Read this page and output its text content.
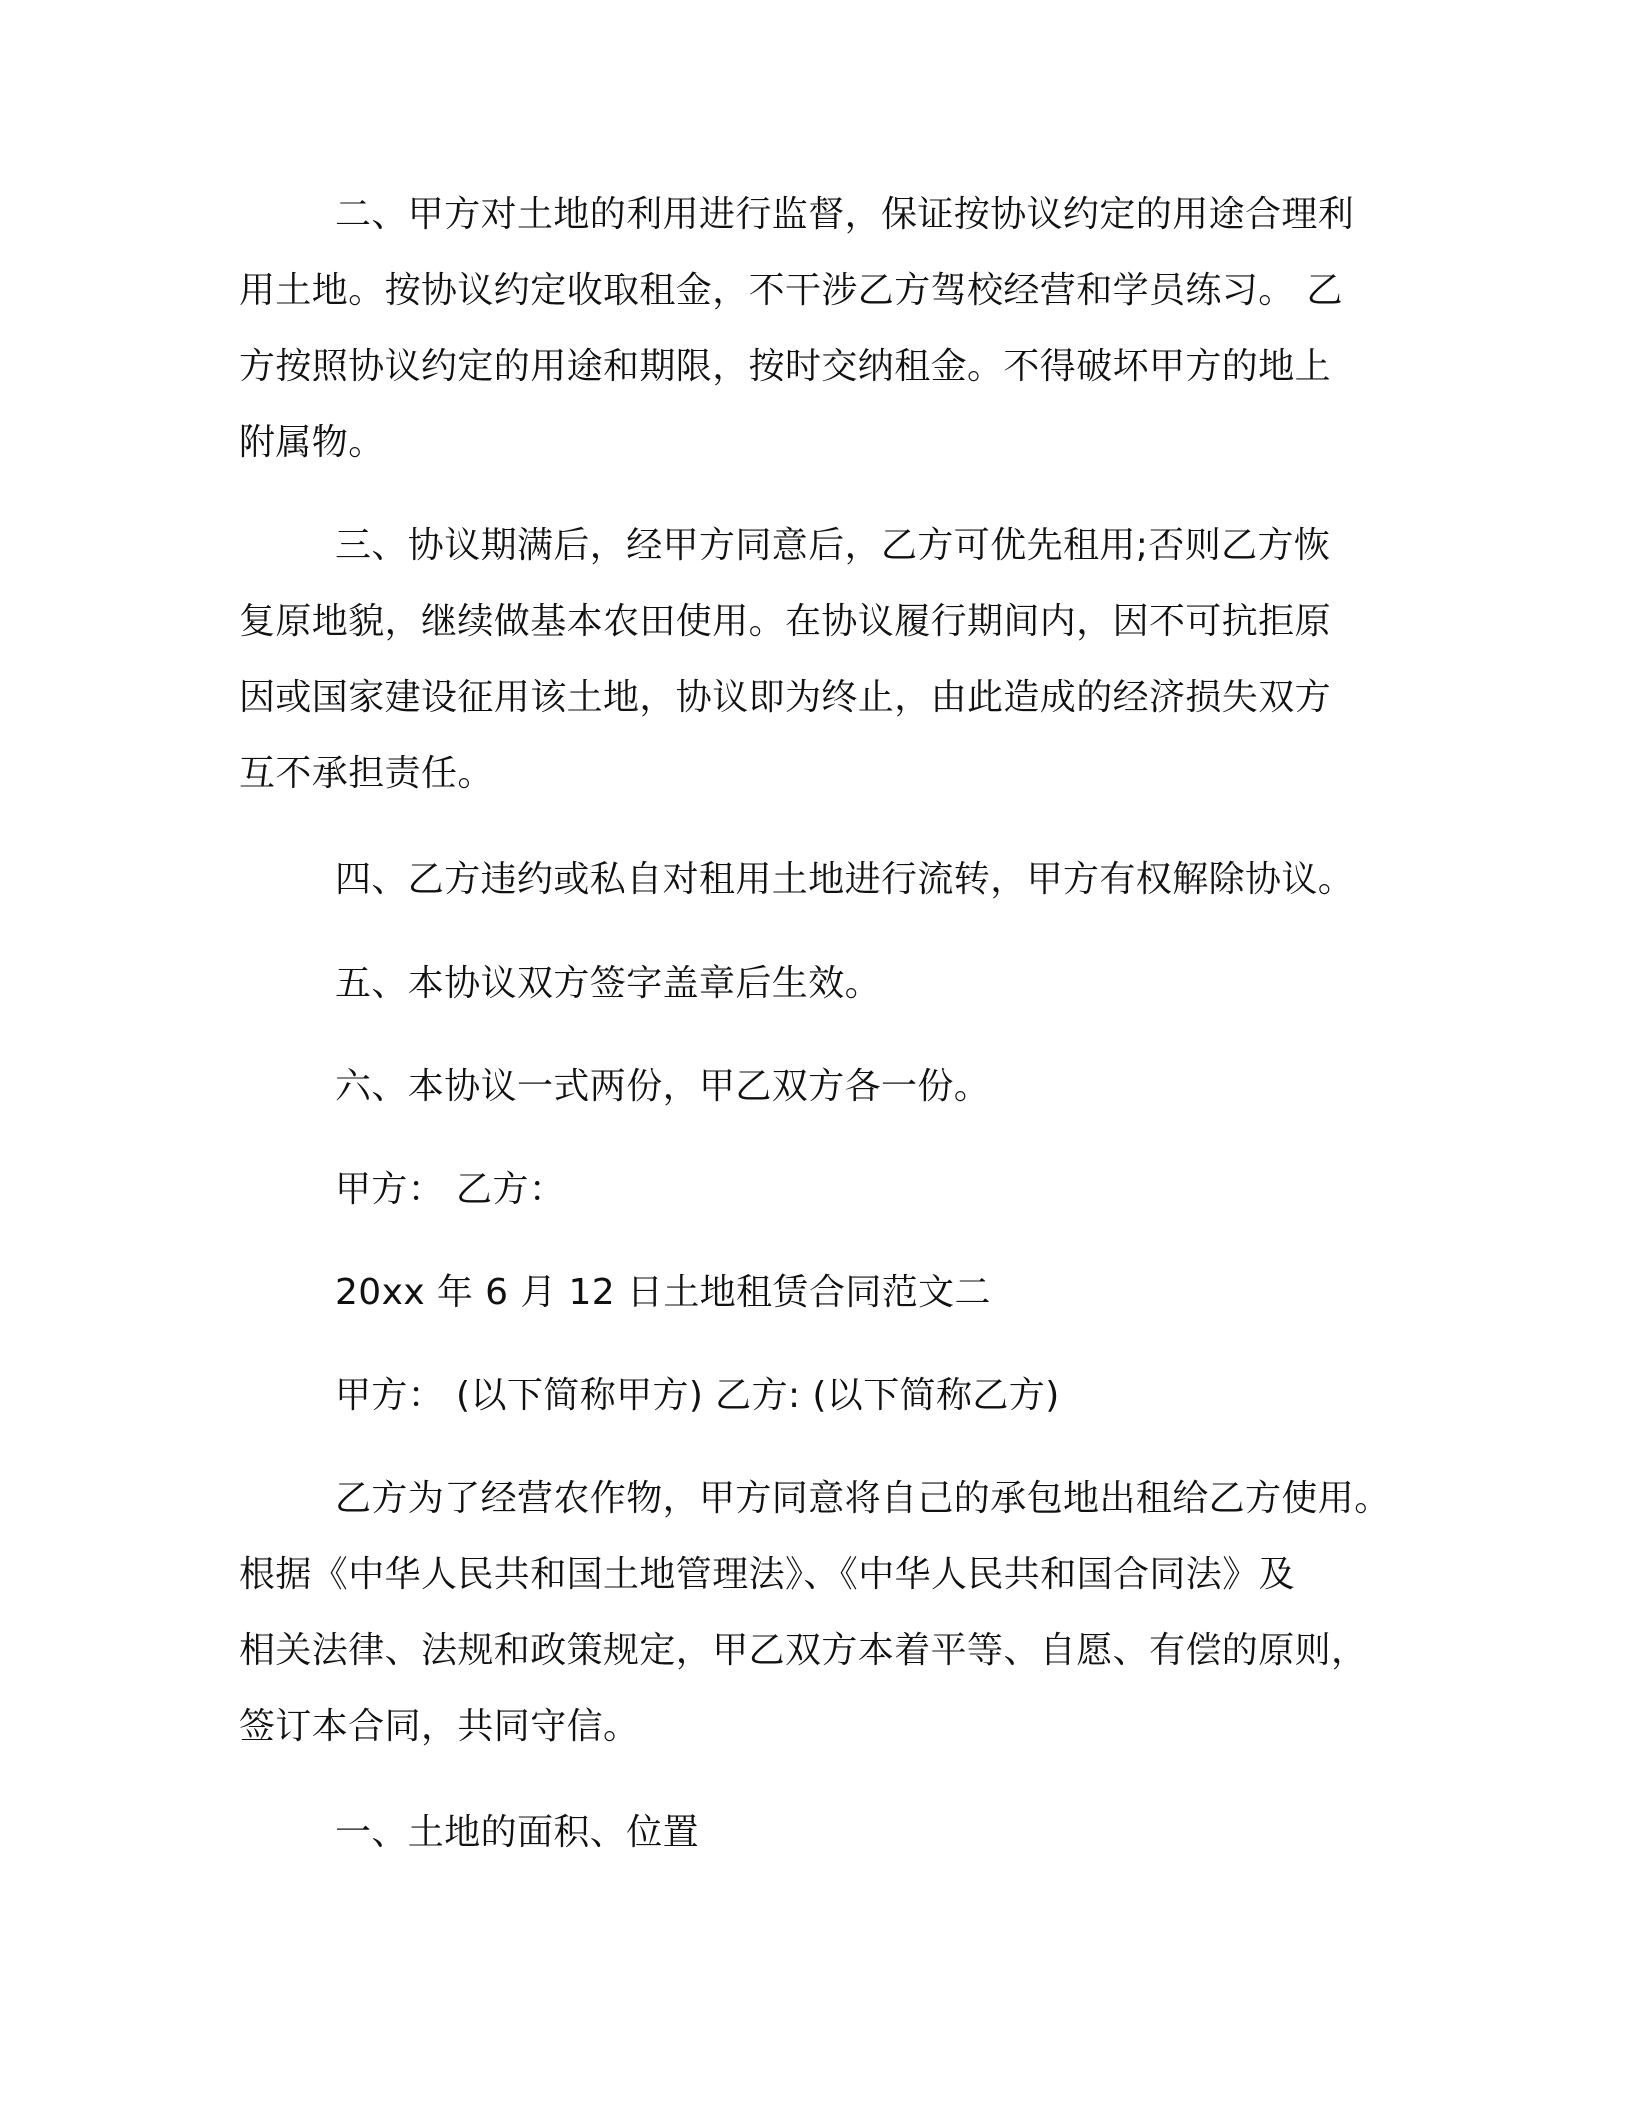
二、甲方对土地的利用进行监督，保证按协议约定的用途合理利
用土地。按协议约定收取租金，不干涉乙方驾校经营和学员练习。 乙
方按照协议约定的用途和期限，按时交纳租金。不得破坏甲方的地上
附属物。
三、协议期满后，经甲方同意后，乙方可优先租用;否则乙方恢
复原地貌，继续做基本农田使用。在协议履行期间内，因不可抗拒原
因或国家建设征用该土地，协议即为终止，由此造成的经济损失双方
互不承担责任。

四、乙方违约或私自对租用土地进行流转，甲方有权解除协议。

五、本协议双方签字盖章后生效。

六、本协议一式两份，甲乙双方各一份。

甲方： 乙方：

20xx 年 6 月 12 日土地租赁合同范文二

甲方： (以下简称甲方) 乙方: (以下简称乙方)

乙方为了经营农作物，甲方同意将自己的承包地出租给乙方使用。
根据《中华人民共和国土地管理法》、《中华人民共和国合同法》及
相关法律、法规和政策规定，甲乙双方本着平等、自愿、有偿的原则，
签订本合同，共同守信。

一、土地的面积、位置
